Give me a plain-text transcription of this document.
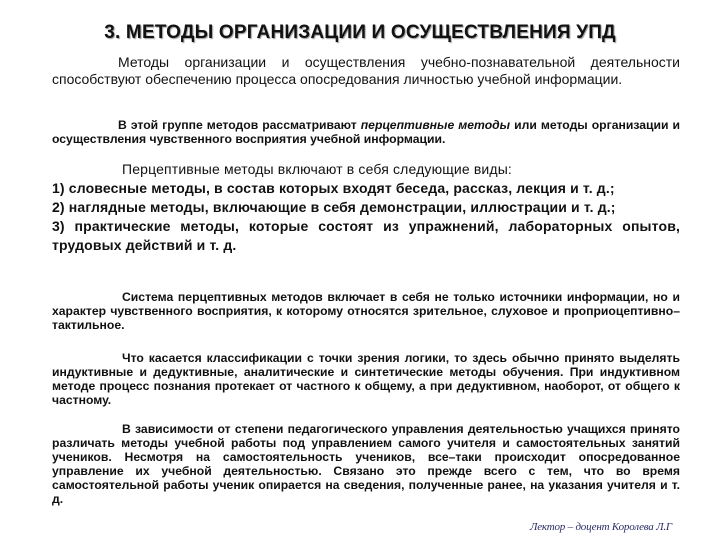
3. МЕТОДЫ ОРГАНИЗАЦИИ И ОСУЩЕСТВЛЕНИЯ УПД
Методы организации и осуществления учебно-познавательной деятельности способствуют обеспечению процесса опосредования личностью учебной информации.
В этой группе методов рассматривают перцептивные методы или методы организации и осуществления чувственного восприятия учебной информации.
Перцептивные методы включают в себя следующие виды:
1) словесные методы, в состав которых входят беседа, рассказ, лекция и т. д.;
2) наглядные методы, включающие в себя демонстрации, иллюстрации и т. д.;
3) практические методы, которые состоят из упражнений, лабораторных опытов, трудовых действий и т. д.
Система перцептивных методов включает в себя не только источники информации, но и характер чувственного восприятия, к которому относятся зрительное, слуховое и проприоцептивно–тактильное.
Что касается классификации с точки зрения логики, то здесь обычно принято выделять индуктивные и дедуктивные, аналитические и синтетические методы обучения. При индуктивном методе процесс познания протекает от частного к общему, а при дедуктивном, наоборот, от общего к частному.
В зависимости от степени педагогического управления деятельностью учащихся принято различать методы учебной работы под управлением самого учителя и самостоятельных занятий учеников. Несмотря на самостоятельность учеников, все–таки происходит опосредованное управление их учебной деятельностью. Связано это прежде всего с тем, что во время самостоятельной работы ученик опирается на сведения, полученные ранее, на указания учителя и т. д.
Лектор – доцент Королева Л.Г
